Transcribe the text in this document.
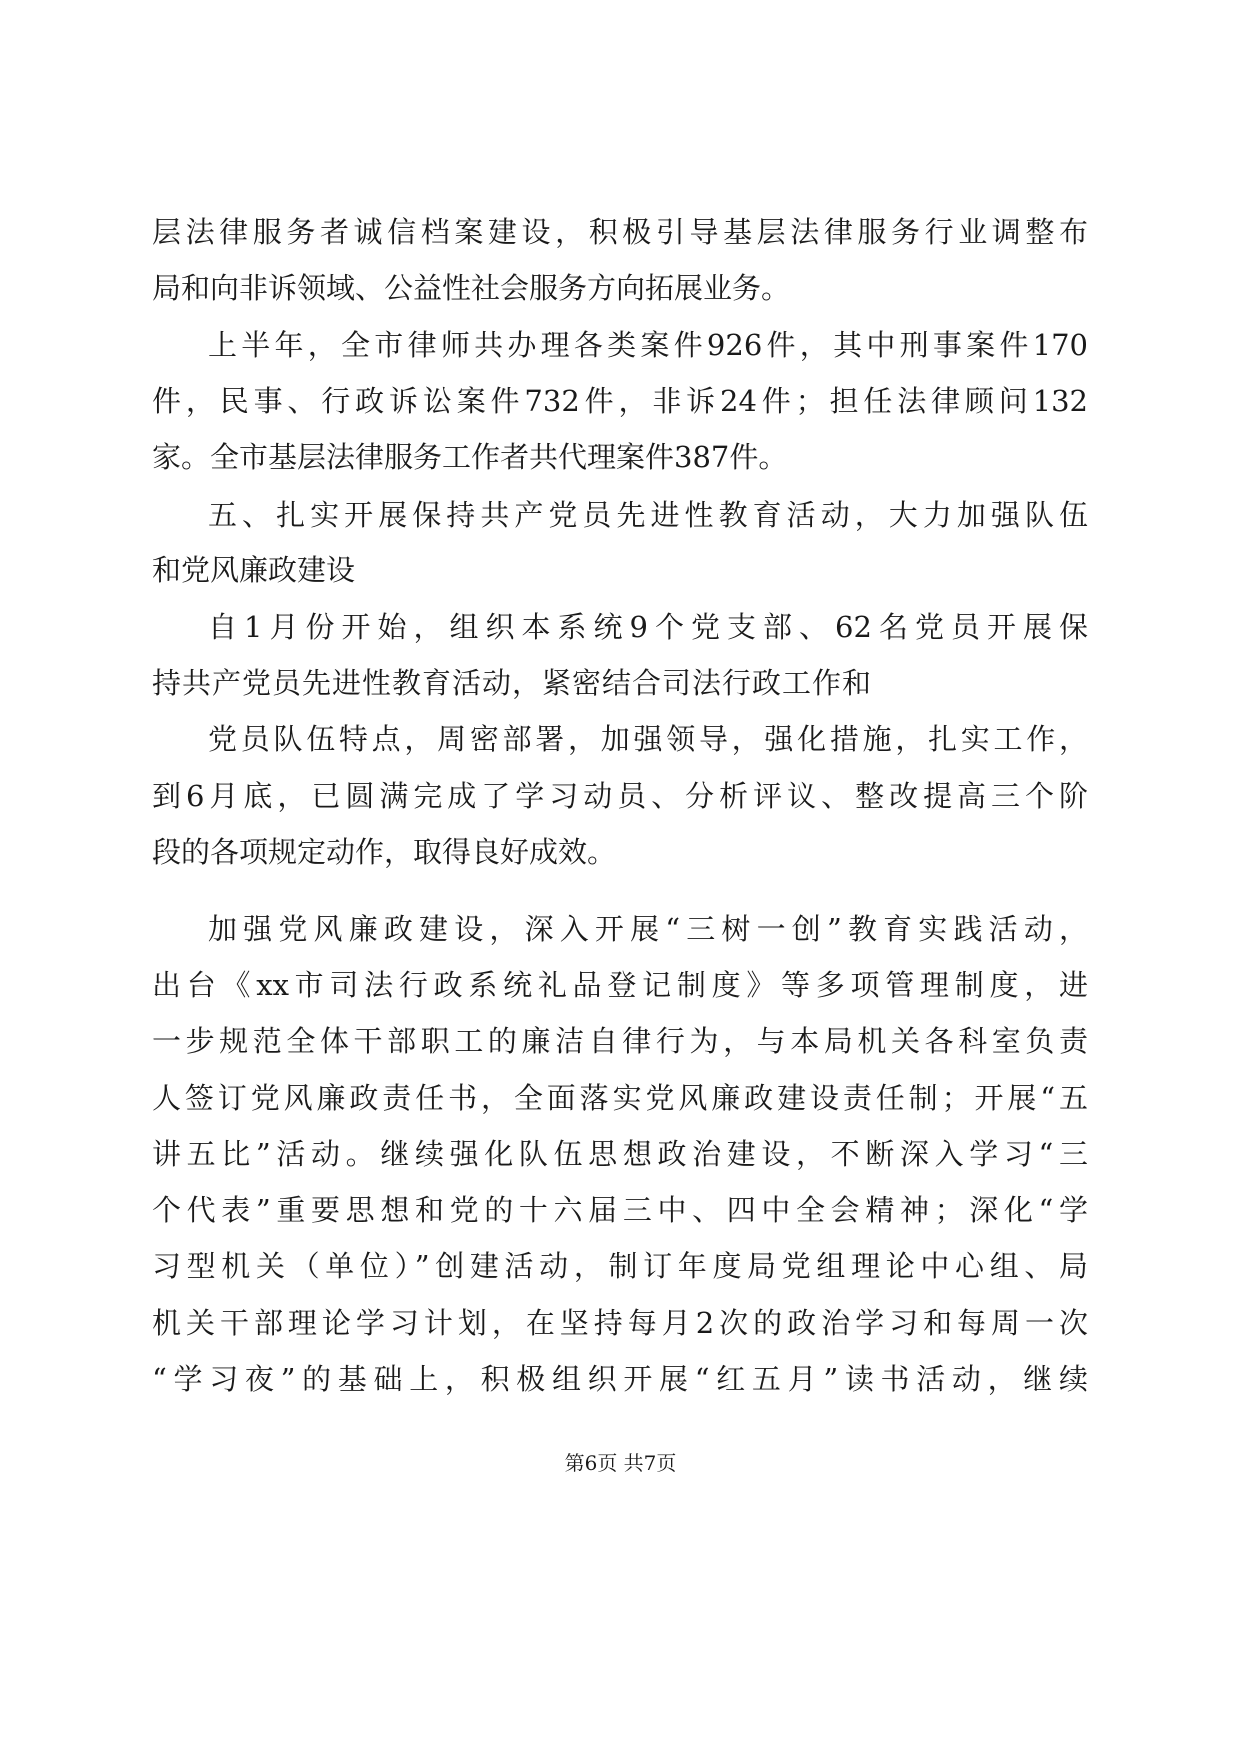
层法律服务者诚信档案建设，积极引导基层法律服务行业调整布
局和向非诉领域、公益性社会服务方向拓展业务。
上半年，全市律师共办理各类案件926件，其中刑事案件170
件，民事、行政诉讼案件732件，非诉24件；担任法律顾问132
家。全市基层法律服务工作者共代理案件387件。
五、扎实开展保持共产党员先进性教育活动，大力加强队伍
和党风廉政建设
自1月份开始，组织本系统9个党支部、62名党员开展保
持共产党员先进性教育活动，紧密结合司法行政工作和
党员队伍特点，周密部署，加强领导，强化措施，扎实工作，
到6月底，已圆满完成了学习动员、分析评议、整改提高三个阶
段的各项规定动作，取得良好成效。
加强党风廉政建设，深入开展“三树一创”教育实践活动，
出台《xx市司法行政系统礼品登记制度》等多项管理制度，进
一步规范全体干部职工的廉洁自律行为，与本局机关各科室负责
人签订党风廉政责任书，全面落实党风廉政建设责任制；开展“五
讲五比”活动。继续强化队伍思想政治建设，不断深入学习“三
个代表”重要思想和党的十六届三中、四中全会精神；深化“学
习型机关（单位）”创建活动，制订年度局党组理论中心组、局
机关干部理论学习计划，在坚持每月2次的政治学习和每周一次
“学习夜”的基础上，积极组织开展“红五月”读书活动，继续
第6页 共7页
